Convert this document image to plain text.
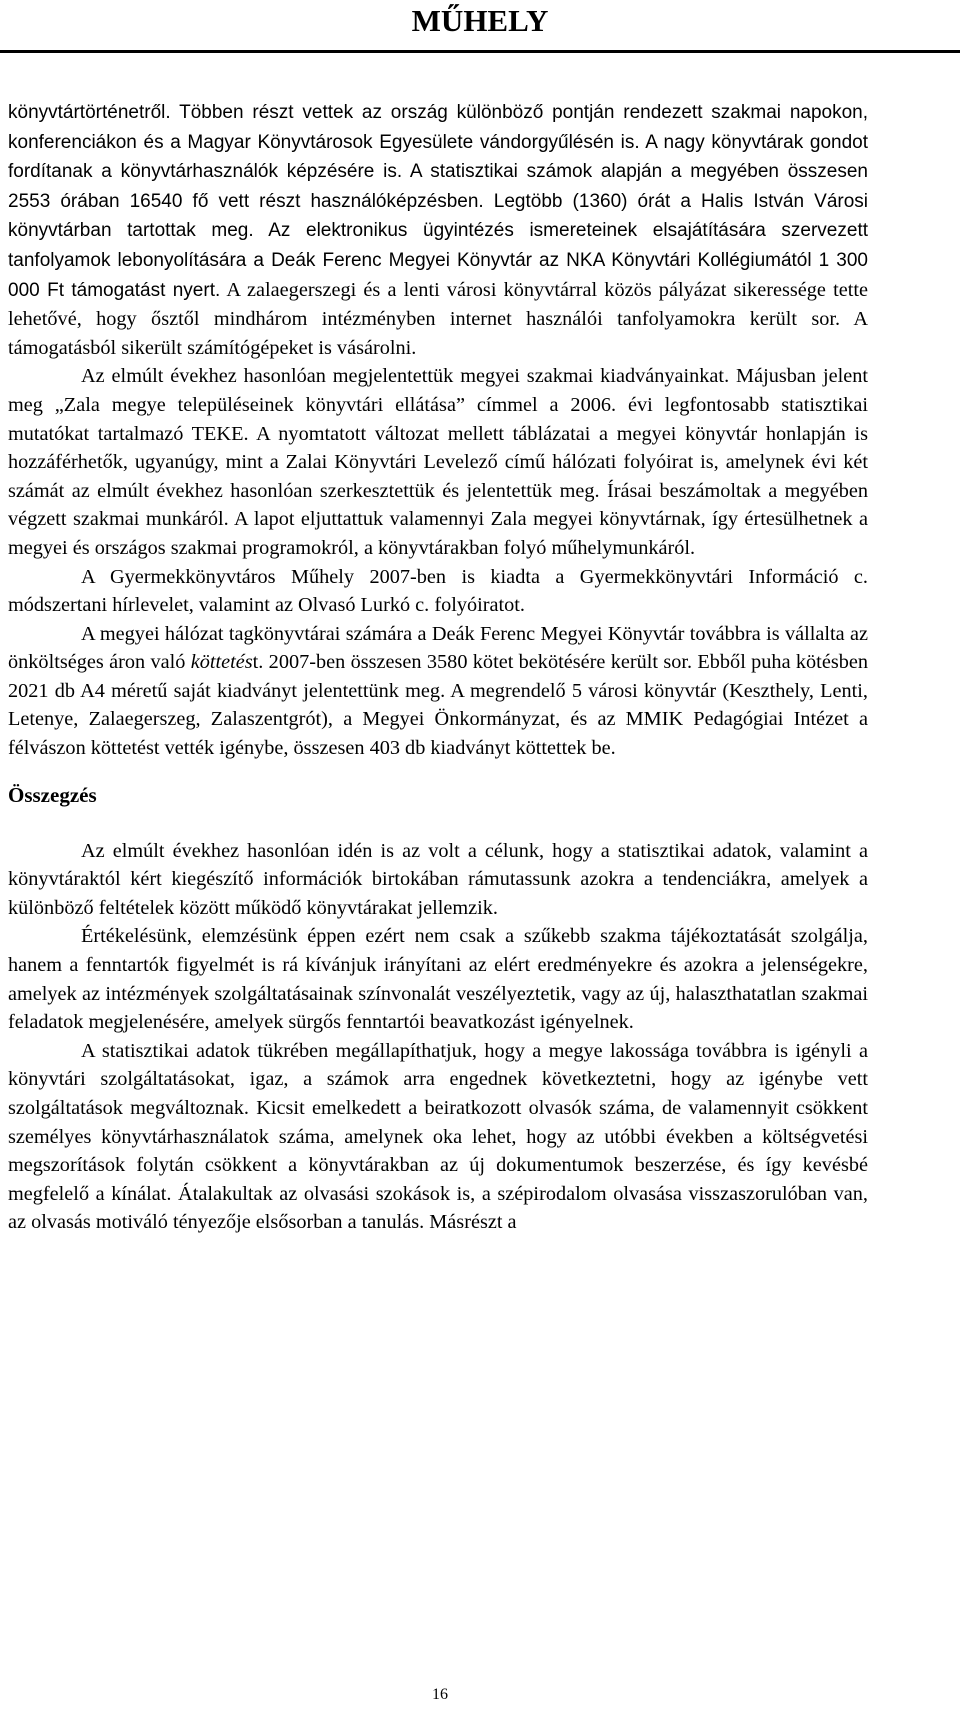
MŰHELY

könyvtártörténetről. Többen részt vettek az ország különböző pontján rendezett szakmai napokon, konferenciákon és a Magyar Könyvtárosok Egyesülete vándorgyűlésén is. A nagy könyvtárak gondot fordítanak a könyvtárhasználók képzésére is. A statisztikai számok alapján a megyében összesen 2553 órában 16540 fő vett részt használóképzésben. Legtöbb (1360) órát a Halis István Városi könyvtárban tartottak meg. Az elektronikus ügyintézés ismereteinek elsajátítására szervezett tanfolyamok lebonyolítására a Deák Ferenc Megyei Könyvtár az NKA Könyvtári Kollégiumától 1 300 000 Ft támogatást nyert. A zalaegerszegi és a lenti városi könyvtárral közös pályázat sikeressége tette lehetővé, hogy ősztől mindhárom intézményben internet használói tanfolyamokra került sor. A támogatásból sikerült számítógépeket is vásárolni.

Az elmúlt évekhez hasonlóan megjelentettük megyei szakmai kiadványainkat. Májusban jelent meg „Zala megye településeinek könyvtári ellátása” címmel a 2006. évi legfontosabb statisztikai mutatókat tartalmazó TEKE. A nyomtatott változat mellett táblázatai a megyei könyvtár honlapján is hozzáférhetők, ugyanúgy, mint a Zalai Könyvtári Levelező című hálózati folyóirat is, amelynek évi két számát az elmúlt évekhez hasonlóan szerkesztettük és jelentettük meg. Írásai beszámoltak a megyében végzett szakmai munkáról. A lapot eljuttattuk valamennyi Zala megyei könyvtárnak, így értesülhetnek a megyei és országos szakmai programokról, a könyvtárakban folyó műhelymunkáról.

A Gyermekkönyvtáros Műhely 2007-ben is kiadta a Gyermekkönyvtári Információ c. módszertani hírlevelet, valamint az Olvasó Lurkó c. folyóiratot.

A megyei hálózat tagkönyvtárai számára a Deák Ferenc Megyei Könyvtár továbbra is vállalta az önköltséges áron való köttetést. 2007-ben összesen 3580 kötet bekötésére került sor. Ebből puha kötésben 2021 db A4 méretű saját kiadványt jelentettünk meg. A megrendelő 5 városi könyvtár (Keszthely, Lenti, Letenye, Zalaegerszeg, Zalaszentgrót), a Megyei Önkormányzat, és az MMIK Pedagógiai Intézet a félvászon köttetést vették igénybe, összesen 403 db kiadványt köttettek be.

Összegzés

Az elmúlt évekhez hasonlóan idén is az volt a célunk, hogy a statisztikai adatok, valamint a könyvtáraktól kért kiegészítő információk birtokában rámutassunk azokra a tendenciákra, amelyek a különböző feltételek között működő könyvtárakat jellemzik.

Értékelésünk, elemzésünk éppen ezért nem csak a szűkebb szakma tájékoztatását szolgálja, hanem a fenntartók figyelmét is rá kívánjuk irányítani az elért eredményekre és azokra a jelenségekre, amelyek az intézmények szolgáltatásainak színvonalát veszélyeztetik, vagy az új, halaszthatatlan szakmai feladatok megjelenésére, amelyek sürgős fenntartói beavatkozást igényelnek.

A statisztikai adatok tükrében megállapíthatjuk, hogy a megye lakossága továbbra is igényli a könyvtári szolgáltatásokat, igaz, a számok arra engednek következtetni, hogy az igénybe vett szolgáltatások megváltoznak. Kicsit emelkedett a beiratkozott olvasók száma, de valamennyit csökkent személyes könyvtárhasználatok száma, amelynek oka lehet, hogy az utóbbi években a költségvetési megszorítások folytán csökkent a könyvtárakban az új dokumentumok beszerzése, és így kevésbé megfelelő a kínálat. Átalakultak az olvasási szokások is, a szépirodalom olvasása visszaszorulóban van, az olvasás motiváló tényezője elsősorban a tanulás. Másrészt a

16
